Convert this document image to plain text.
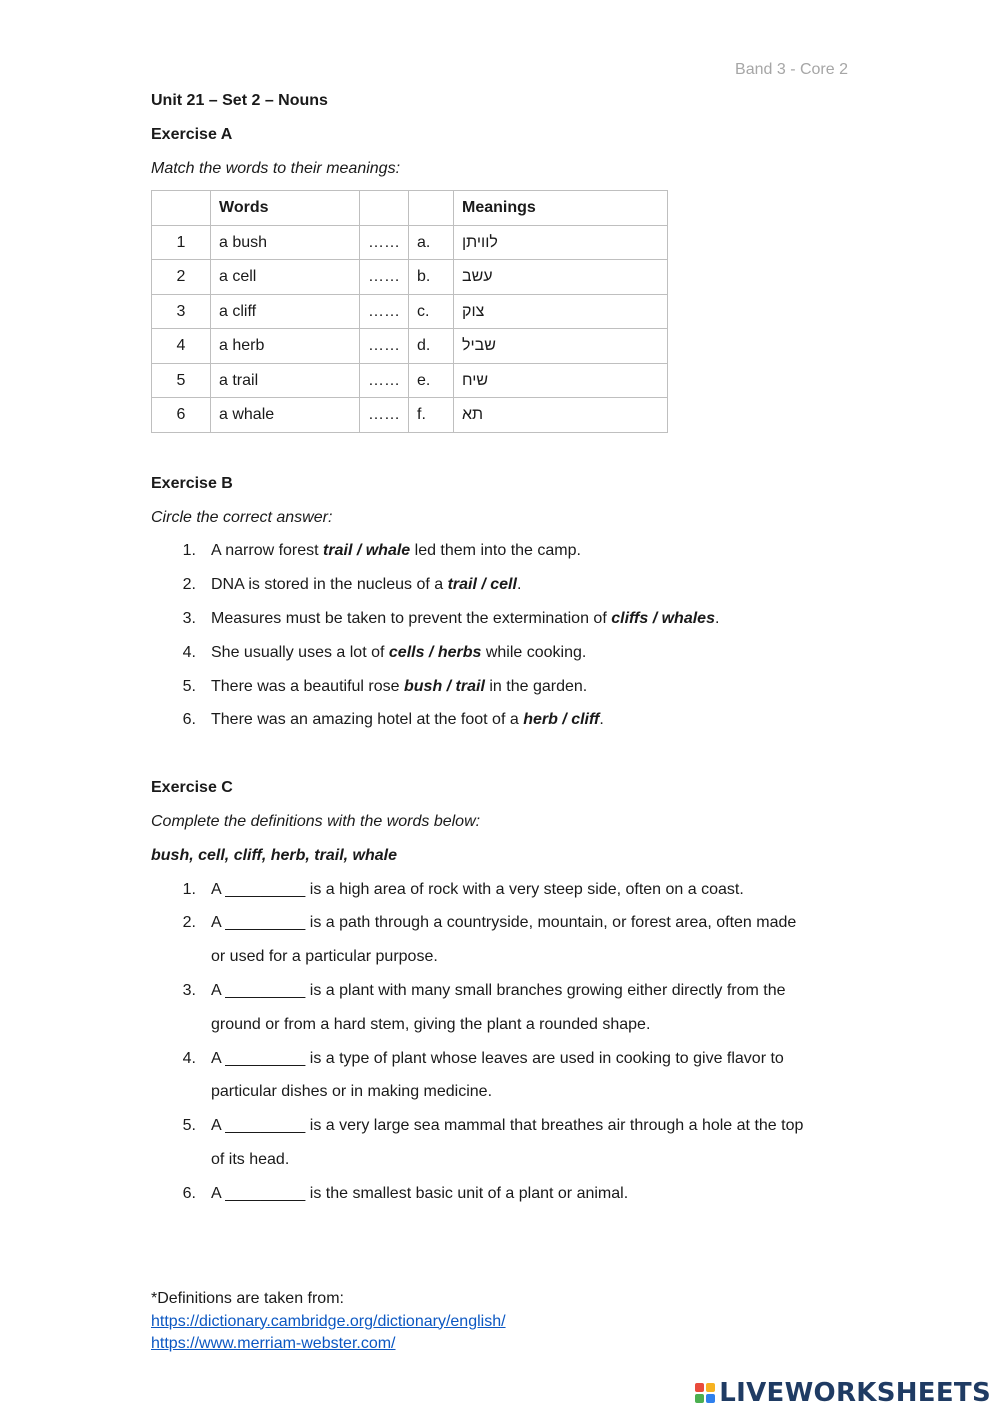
Band 3 - Core 2
Unit 21 – Set 2 – Nouns
Exercise A
Match the words to their meanings:
	Words			Meanings
1	a bush	……	a.	לוויתן
2	a cell	……	b.	עשב
3	a cliff	……	c.	צוק
4	a herb	……	d.	שביל
5	a trail	……	e.	שיח
6	a whale	……	f.	תא
Exercise B
Circle the correct answer:
1. A narrow forest trail / whale led them into the camp.
2. DNA is stored in the nucleus of a trail / cell.
3. Measures must be taken to prevent the extermination of cliffs / whales.
4. She usually uses a lot of cells / herbs while cooking.
5. There was a beautiful rose bush / trail in the garden.
6. There was an amazing hotel at the foot of a herb / cliff.
Exercise C
Complete the definitions with the words below:
bush, cell, cliff, herb, trail, whale
1. A _________ is a high area of rock with a very steep side, often on a coast.
2. A _________ is a path through a countryside, mountain, or forest area, often made
or used for a particular purpose.
3. A _________ is a plant with many small branches growing either directly from the
ground or from a hard stem, giving the plant a rounded shape.
4. A _________ is a type of plant whose leaves are used in cooking to give flavor to
particular dishes or in making medicine.
5. A _________ is a very large sea mammal that breathes air through a hole at the top
of its head.
6. A _________ is the smallest basic unit of a plant or animal.
*Definitions are taken from:
https://dictionary.cambridge.org/dictionary/english/
https://www.merriam-webster.com/
LIVEWORKSHEETS
